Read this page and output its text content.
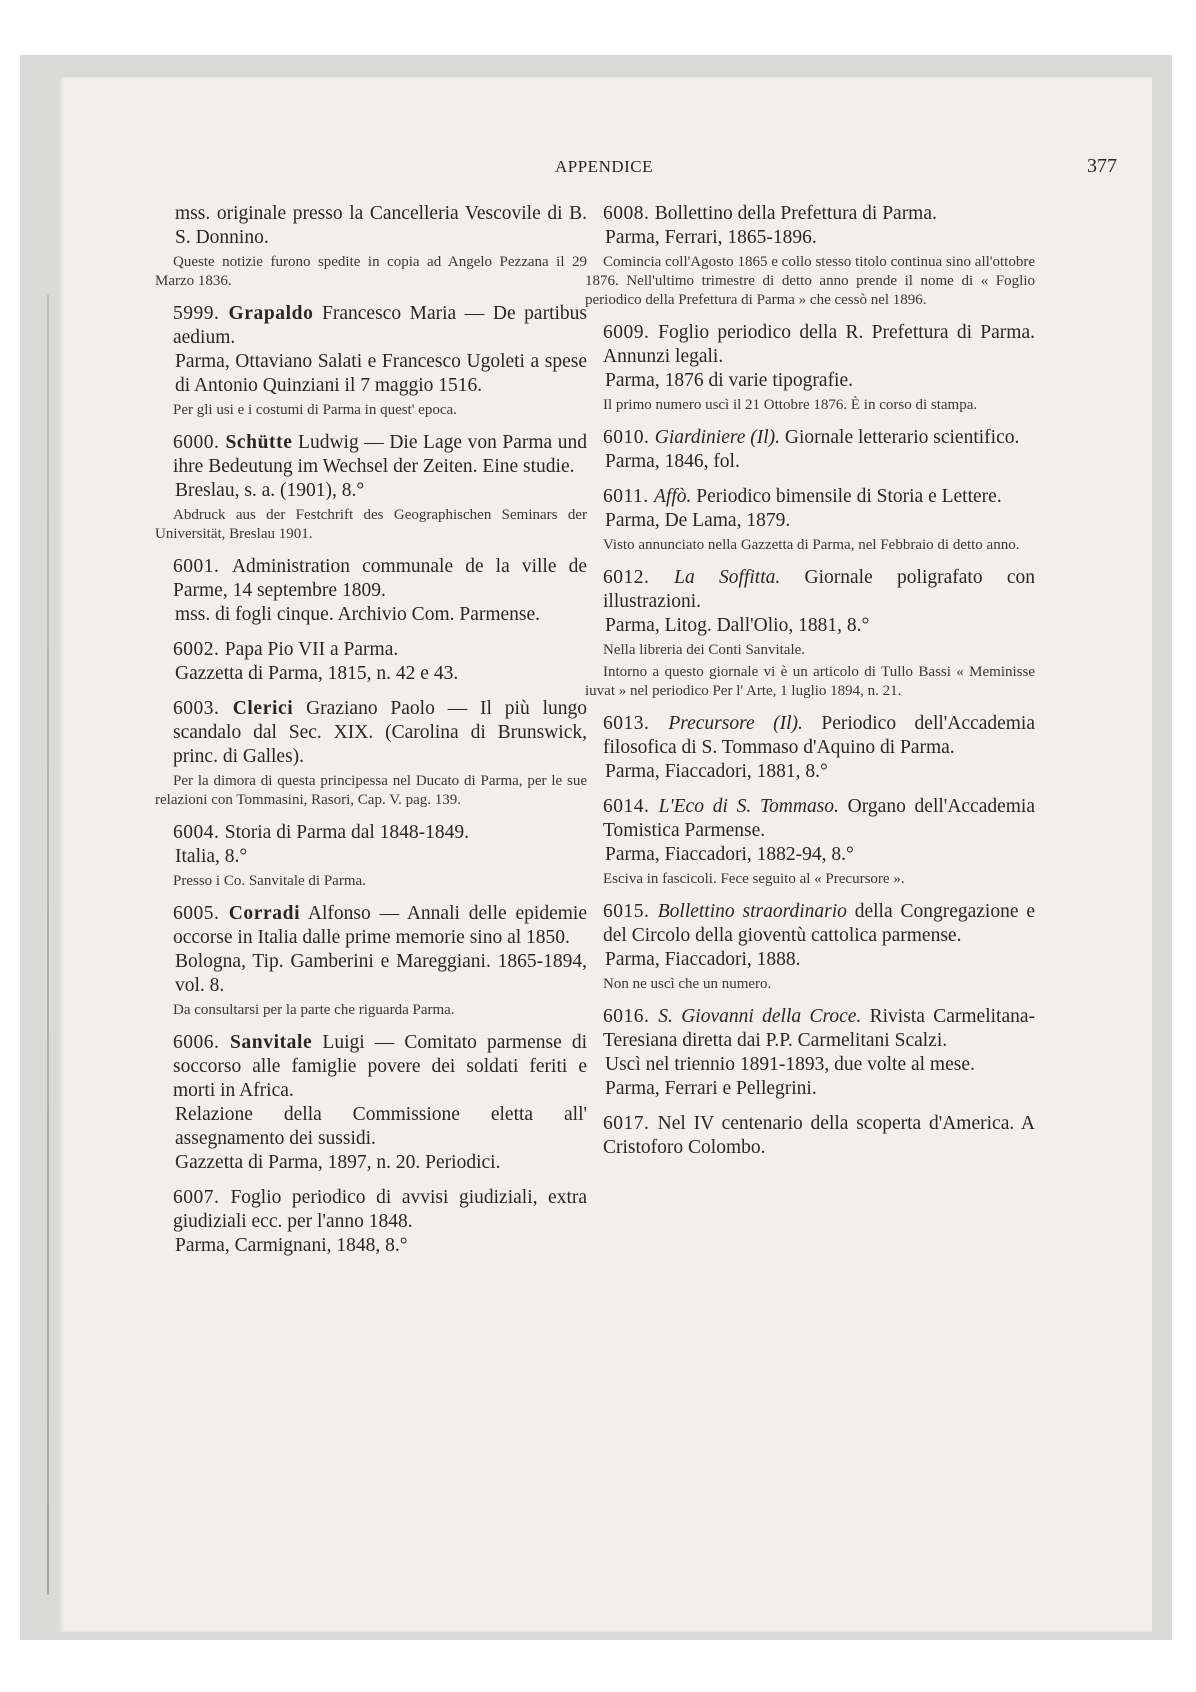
APPENDICE	377
mss. originale presso la Cancelleria Vescovile di B. S. Donnino.
Queste notizie furono spedite in copia ad Angelo Pezzana il 29 Marzo 1836.
5999. Grapaldo Francesco Maria — De partibus aedium.
Parma, Ottaviano Salati e Francesco Ugoleti a spese di Antonio Quinziani il 7 maggio 1516.
Per gli usi e i costumi di Parma in quest' epoca.
6000. Schütte Ludwig — Die Lage von Parma und ihre Bedeutung im Wechsel der Zeiten. Eine studie.
Breslau, s. a. (1901), 8.°
Abdruck aus der Festchrift des Geographischen Seminars der Universität, Breslau 1901.
6001. Administration communale de la ville de Parme, 14 septembre 1809.
mss. di fogli cinque. Archivio Com. Parmense.
6002. Papa Pio VII a Parma.
Gazzetta di Parma, 1815, n. 42 e 43.
6003. Clerici Graziano Paolo — Il più lungo scandalo dal Sec. XIX. (Carolina di Brunswick, princ. di Galles).
Per la dimora di questa principessa nel Ducato di Parma, per le sue relazioni con Tommasini, Rasori, Cap. V. pag. 139.
6004. Storia di Parma dal 1848-1849.
Italia, 8.°
Presso i Co. Sanvitale di Parma.
6005. Corradi Alfonso — Annali delle epidemie occorse in Italia dalle prime memorie sino al 1850.
Bologna, Tip. Gamberini e Mareggiani. 1865-1894, vol. 8.
Da consultarsi per la parte che riguarda Parma.
6006. Sanvitale Luigi — Comitato parmense di soccorso alle famiglie povere dei soldati feriti e morti in Africa.
Relazione della Commissione eletta all' assegnamento dei sussidi.
Gazzetta di Parma, 1897, n. 20. Periodici.
6007. Foglio periodico di avvisi giudiziali, extra giudiziali ecc. per l'anno 1848.
Parma, Carmignani, 1848, 8.°
6008. Bollettino della Prefettura di Parma.
Parma, Ferrari, 1865-1896.
Comincia coll'Agosto 1865 e collo stesso titolo continua sino all'ottobre 1876. Nell'ultimo trimestre di detto anno prende il nome di « Foglio periodico della Prefettura di Parma » che cessò nel 1896.
6009. Foglio periodico della R. Prefettura di Parma. Annunzi legali.
Parma, 1876 di varie tipografie.
Il primo numero uscì il 21 Ottobre 1876. È in corso di stampa.
6010. Giardiniere (Il). Giornale letterario scientifico.
Parma, 1846, fol.
6011. Affò. Periodico bimensile di Storia e Lettere.
Parma, De Lama, 1879.
Visto annunciato nella Gazzetta di Parma, nel Febbraio di detto anno.
6012. La Soffitta. Giornale poligrafato con illustrazioni.
Parma, Litog. Dall'Olio, 1881, 8.°
Nella libreria dei Conti Sanvitale.
Intorno a questo giornale vi è un articolo di Tullo Bassi « Meminisse iuvat » nel periodico Per l' Arte, 1 luglio 1894, n. 21.
6013. Precursore (Il). Periodico dell'Accademia filosofica di S. Tommaso d'Aquino di Parma.
Parma, Fiaccadori, 1881, 8.°
6014. L'Eco di S. Tommaso. Organo dell'Accademia Tomistica Parmense.
Parma, Fiaccadori, 1882-94, 8.°
Esciva in fascicoli. Fece seguito al « Precursore ».
6015. Bollettino straordinario della Congregazione e del Circolo della gioventù cattolica parmense.
Parma, Fiaccadori, 1888.
Non ne uscì che un numero.
6016. S. Giovanni della Croce. Rivista Carmelitana-Teresiana diretta dai P.P. Carmelitani Scalzi.
Uscì nel triennio 1891-1893, due volte al mese.
Parma, Ferrari e Pellegrini.
6017. Nel IV centenario della scoperta d'America. A Cristoforo Colombo.
